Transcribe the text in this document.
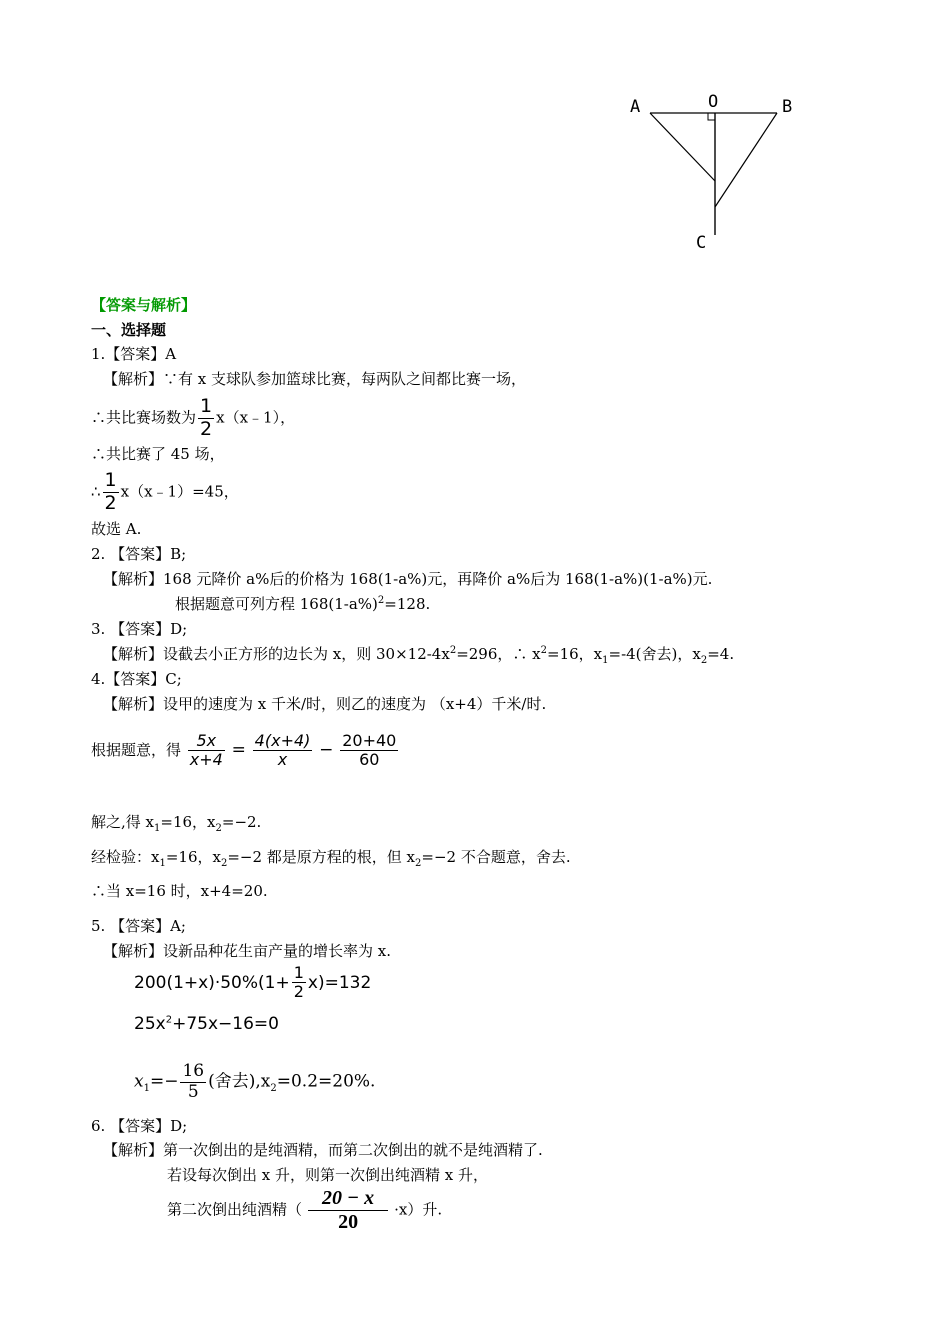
A	O	B
C
【答案与解析】
一、选择题
1.【答案】A
【解析】∵有 x 支球队参加篮球比赛，每两队之间都比赛一场，
∴共比赛场数为 $\frac{1}{2}$ x（x﹣1），
∴共比赛了 45 场，
∴ $\frac{1}{2}$ x（x﹣1）=45，
故选 A.
2. 【答案】B;
【解析】168 元降价 a%后的价格为 168(1-a%)元，再降价 a%后为 168(1-a%)(1-a%)元.
根据题意可列方程 $168(1-a\%)^2=128$.
3. 【答案】D;
【解析】设截去小正方形的边长为 x，则 $30\times 12-4x^2=296$，∴ $x^2=16$，$x_1=-4$(舍去)，$x_2=4$.
4.【答案】C;
【解析】设甲的速度为 x 千米/时，则乙的速度为 （x+4）千米/时.
根据题意，得 $\frac{5x}{x+4} = \frac{4(x+4)}{x} - \frac{20+40}{60}$
解之,得 $x_1=16$，$x_2=-2$.
经检验：$x_1=16$，$x_2=-2$ 都是原方程的根，但 $x_2=-2$ 不合题意，舍去.
∴当 x=16 时，x+4=20.
5. 【答案】A;
【解析】设新品种花生亩产量的增长率为 x.
$200(1+x)\cdot 50\%(1+ \frac{1}{2} x)=132$
$25x^2+75x-16=0$
$x_1=- \frac{16}{5}$ (舍去)$,x_2=0.2=20\%$.
6. 【答案】D;
【解析】第一次倒出的是纯酒精，而第二次倒出的就不是纯酒精了.
若设每次倒出 x 升，则第一次倒出纯酒精 x 升，
第二次倒出纯酒精（ $\frac{20 - x}{20} \cdot x$）升.
